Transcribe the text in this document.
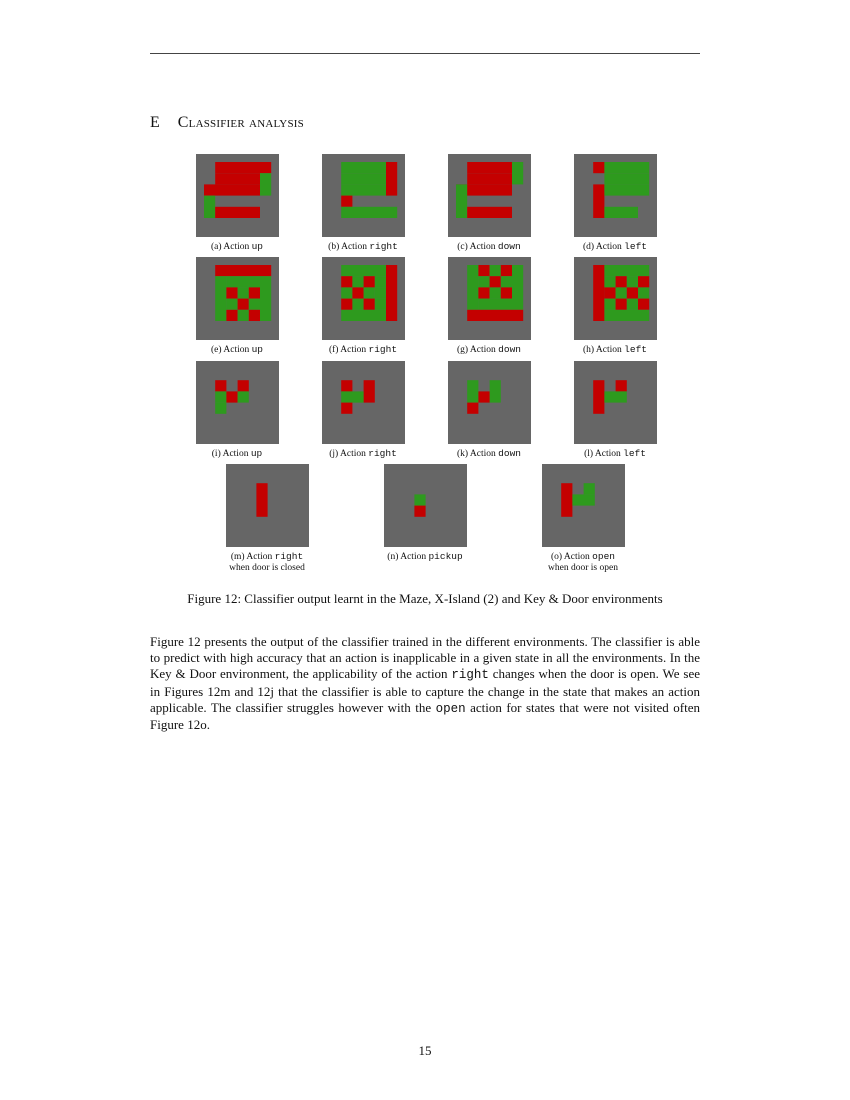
E Classifier analysis
(a) Action up	(b) Action right	(c) Action down	(d) Action left
(e) Action up	(f) Action right	(g) Action down	(h) Action left
(i) Action up	(j) Action right	(k) Action down	(l) Action left
(m) Action right
when door is closed
(n) Action pickup	(o) Action open
when door is open
Figure 12: Classifier output learnt in the Maze, X-Island (2) and Key & Door environments

Figure 12 presents the output of the classifier trained in the different environments. The classifier is able to predict with high accuracy that an action is inapplicable in a given state in all the environments. In the Key & Door environment, the applicability of the action right changes when the door is open. We see in Figures 12m and 12j that the classifier is able to capture the change in the state that makes an action applicable. The classifier struggles however with the open action for states that were not visited often Figure 12o.

15
